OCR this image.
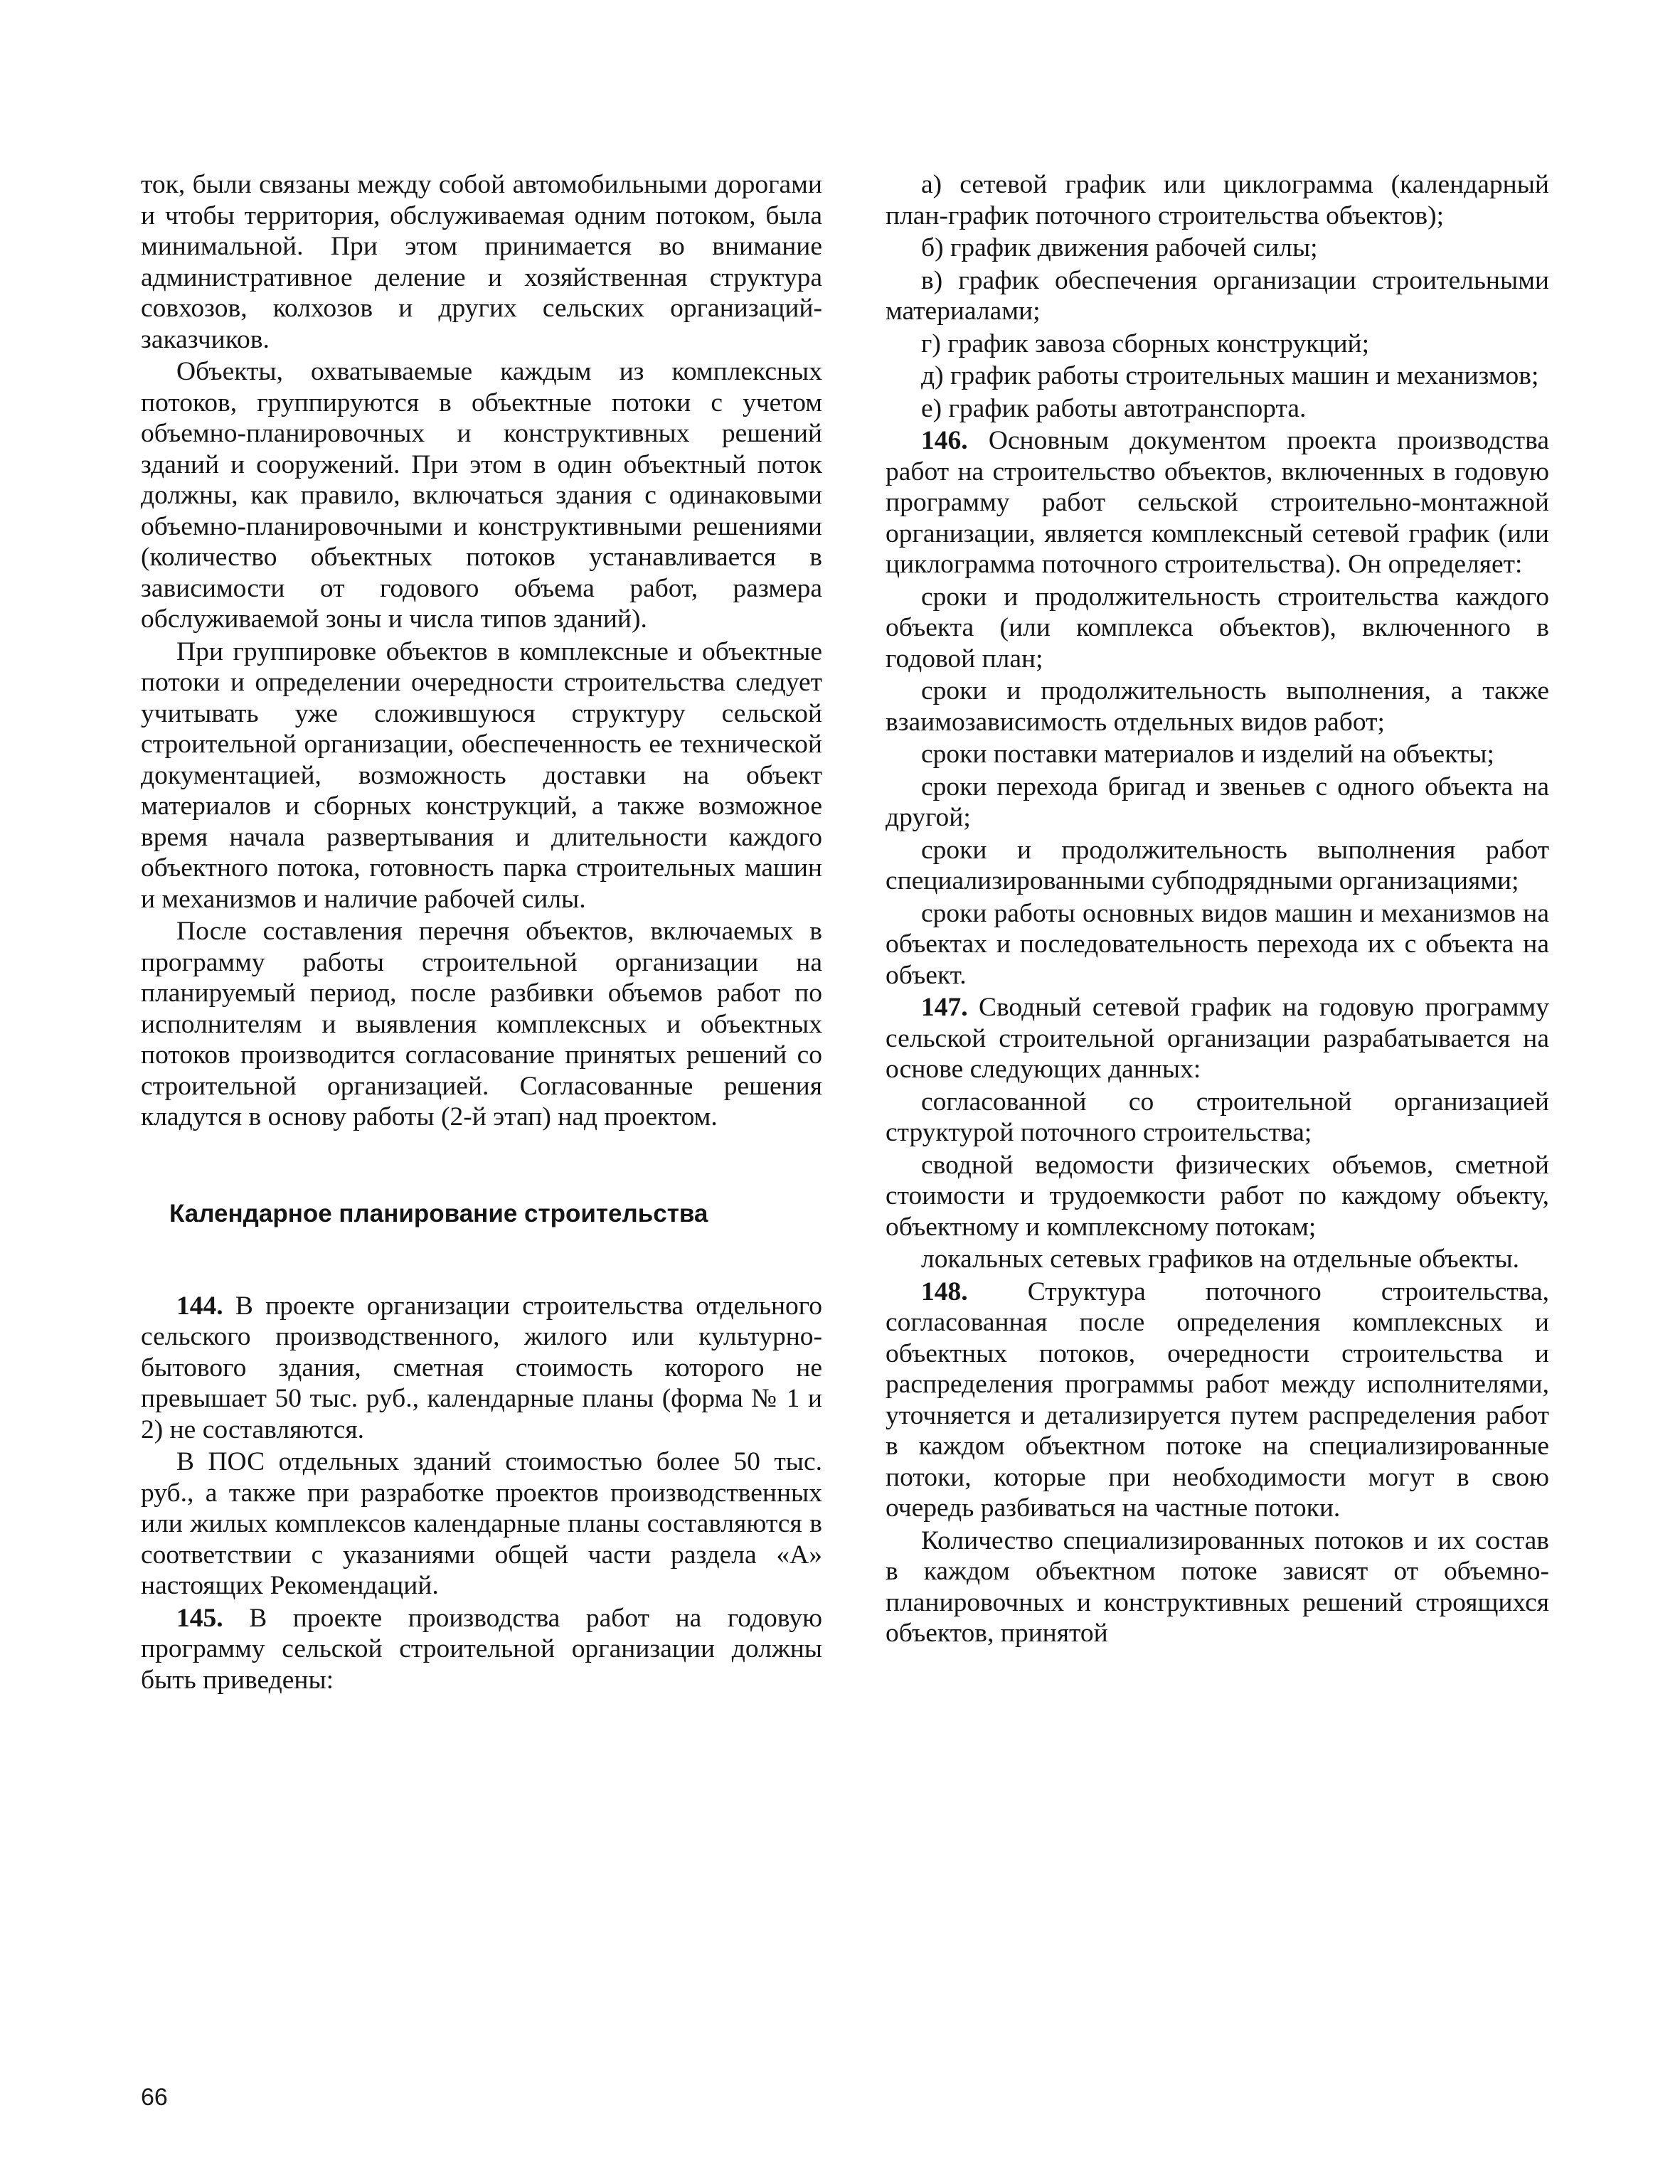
ток, были связаны между собой автомобильными дорогами и чтобы территория, обслуживаемая одним потоком, была минимальной. При этом принимается во внимание административное деление и хозяйственная структура совхозов, колхозов и других сельских организаций-заказчиков.

Объекты, охватываемые каждым из комплексных потоков, группируются в объектные потоки с учетом объемно-планировочных и конструктивных решений зданий и сооружений. При этом в один объектный поток должны, как правило, включаться здания с одинаковыми объемно-планировочными и конструктивными решениями (количество объектных потоков устанавливается в зависимости от годового объема работ, размера обслуживаемой зоны и числа типов зданий).

При группировке объектов в комплексные и объектные потоки и определении очередности строительства следует учитывать уже сложившуюся структуру сельской строительной организации, обеспеченность ее технической документацией, возможность доставки на объект материалов и сборных конструкций, а также возможное время начала развертывания и длительности каждого объектного потока, готовность парка строительных машин и механизмов и наличие рабочей силы.

После составления перечня объектов, включаемых в программу работы строительной организации на планируемый период, после разбивки объемов работ по исполнителям и выявления комплексных и объектных потоков производится согласование принятых решений со строительной организацией. Согласованные решения кладутся в основу работы (2-й этап) над проектом.

Календарное планирование строительства

144. В проекте организации строительства отдельного сельского производственного, жилого или культурно-бытового здания, сметная стоимость которого не превышает 50 тыс. руб., календарные планы (форма № 1 и 2) не составляются.

В ПОС отдельных зданий стоимостью более 50 тыс. руб., а также при разработке проектов производственных или жилых комплексов календарные планы составляются в соответствии с указаниями общей части раздела «А» настоящих Рекомендаций.

145. В проекте производства работ на годовую программу сельской строительной организации должны быть приведены:

а) сетевой график или циклограмма (календарный план-график поточного строительства объектов);

б) график движения рабочей силы;

в) график обеспечения организации строительными материалами;

г) график завоза сборных конструкций;

д) график работы строительных машин и механизмов;

е) график работы автотранспорта.

146. Основным документом проекта производства работ на строительство объектов, включенных в годовую программу работ сельской строительно-монтажной организации, является комплексный сетевой график (или циклограмма поточного строительства). Он определяет:

сроки и продолжительность строительства каждого объекта (или комплекса объектов), включенного в годовой план;

сроки и продолжительность выполнения, а также взаимозависимость отдельных видов работ;

сроки поставки материалов и изделий на объекты;

сроки перехода бригад и звеньев с одного объекта на другой;

сроки и продолжительность выполнения работ специализированными субподрядными организациями;

сроки работы основных видов машин и механизмов на объектах и последовательность перехода их с объекта на объект.

147. Сводный сетевой график на годовую программу сельской строительной организации разрабатывается на основе следующих данных:

согласованной со строительной организацией структурой поточного строительства;

сводной ведомости физических объемов, сметной стоимости и трудоемкости работ по каждому объекту, объектному и комплексному потокам;

локальных сетевых графиков на отдельные объекты.

148. Структура поточного строительства, согласованная после определения комплексных и объектных потоков, очередности строительства и распределения программы работ между исполнителями, уточняется и детализируется путем распределения работ в каждом объектном потоке на специализированные потоки, которые при необходимости могут в свою очередь разбиваться на частные потоки.

Количество специализированных потоков и их состав в каждом объектном потоке зависят от объемно-планировочных и конструктивных решений строящихся объектов, принятой

66
